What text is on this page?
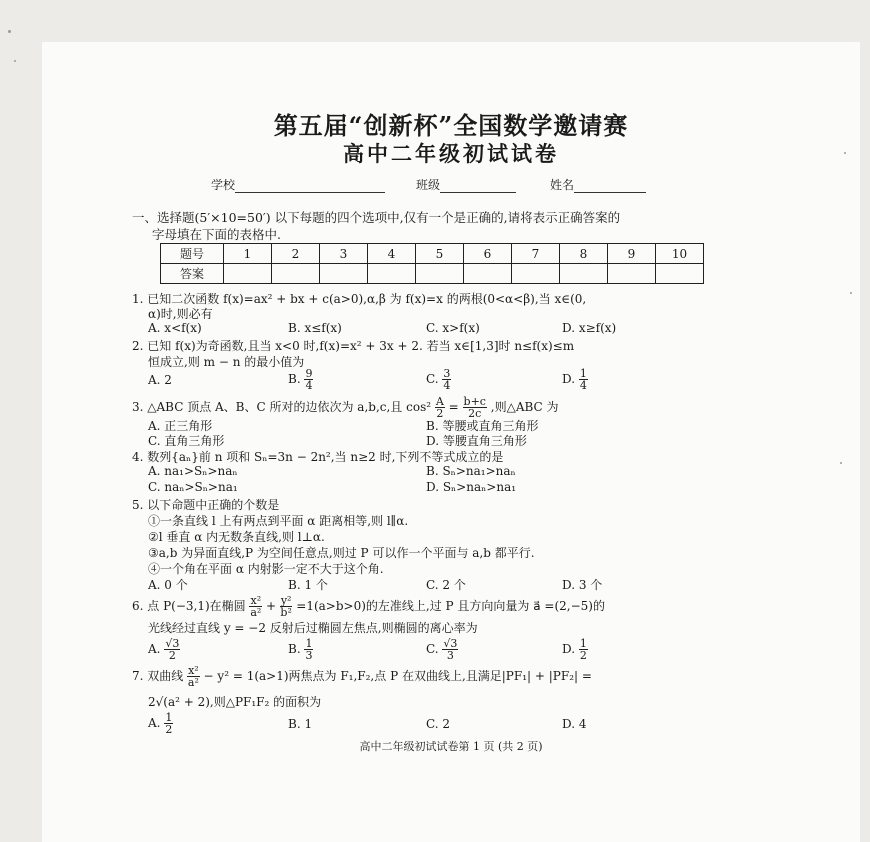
第五届“创新杯”全国数学邀请赛
高中二年级初试试卷
学校	班级	姓名
一、选择题(5′×10=50′) 以下每题的四个选项中,仅有一个是正确的,请将表示正确答案的
字母填在下面的表格中.
题号	1	2	3	4	5	6	7	8	9	10
答案										
1. 已知二次函数 f(x)=ax² + bx + c(a>0),α,β 为 f(x)=x 的两根(0<α<β),当 x∈(0,
α)时,则必有
A. x<f(x)	B. x≤f(x)	C. x>f(x)	D. x≥f(x)
2. 已知 f(x)为奇函数,且当 x<0 时,f(x)=x² + 3x + 2. 若当 x∈[1,3]时 n≤f(x)≤m
恒成立,则 m − n 的最小值为
A. 2	B. $\frac{9}{4}$	C. $\frac{3}{4}$	D. $\frac{1}{4}$
3. △ABC 顶点 A、B、C 所对的边依次为 a,b,c,且 $\cos^2 \frac{A}{2} = \frac{b+c}{2c}$ ,则△ABC 为
A. 正三角形	B. 等腰或直角三角形
C. 直角三角形	D. 等腰直角三角形
4. 数列{aₙ}前 n 项和 Sₙ=3n − 2n²,当 n≥2 时,下列不等式成立的是
A. na₁>Sₙ>naₙ	B. Sₙ>na₁>naₙ
C. naₙ>Sₙ>na₁	D. Sₙ>naₙ>na₁
5. 以下命题中正确的个数是
①一条直线 l 上有两点到平面 α 距离相等,则 l∥α.
②l 垂直 α 内无数条直线,则 l⊥α.
③a,b 为异面直线,P 为空间任意点,则过 P 可以作一个平面与 a,b 都平行.
④一个角在平面 α 内射影一定不大于这个角.
A. 0 个	B. 1 个	C. 2 个	D. 3 个
6. 点 P(−3,1)在椭圆 $\frac{\text{x²}}{\text{a²}} + \frac{\text{y²}}{\text{b²}} =1(a>b>0)$的左准线上,过 P 且方向向量为 a⃗ =(2,−5)的
光线经过直线 y = −2 反射后过椭圆左焦点,则椭圆的离心率为
A. $\frac{√3}{2}$	B. $\frac{1}{3}$	C. $\frac{√3}{3}$	D. $\frac{1}{2}$
7. 双曲线 $\frac{\text{x²}}{\text{a²}} - y^2 = 1(a>1)$两焦点为 F₁,F₂,点 P 在双曲线上,且满足|PF₁| + |PF₂| =
2√(a² + 2),则△PF₁F₂ 的面积为
A. $\frac{1}{2}$	B. 1	C. 2	D. 4
高中二年级初试试卷第 1 页 (共 2 页)
